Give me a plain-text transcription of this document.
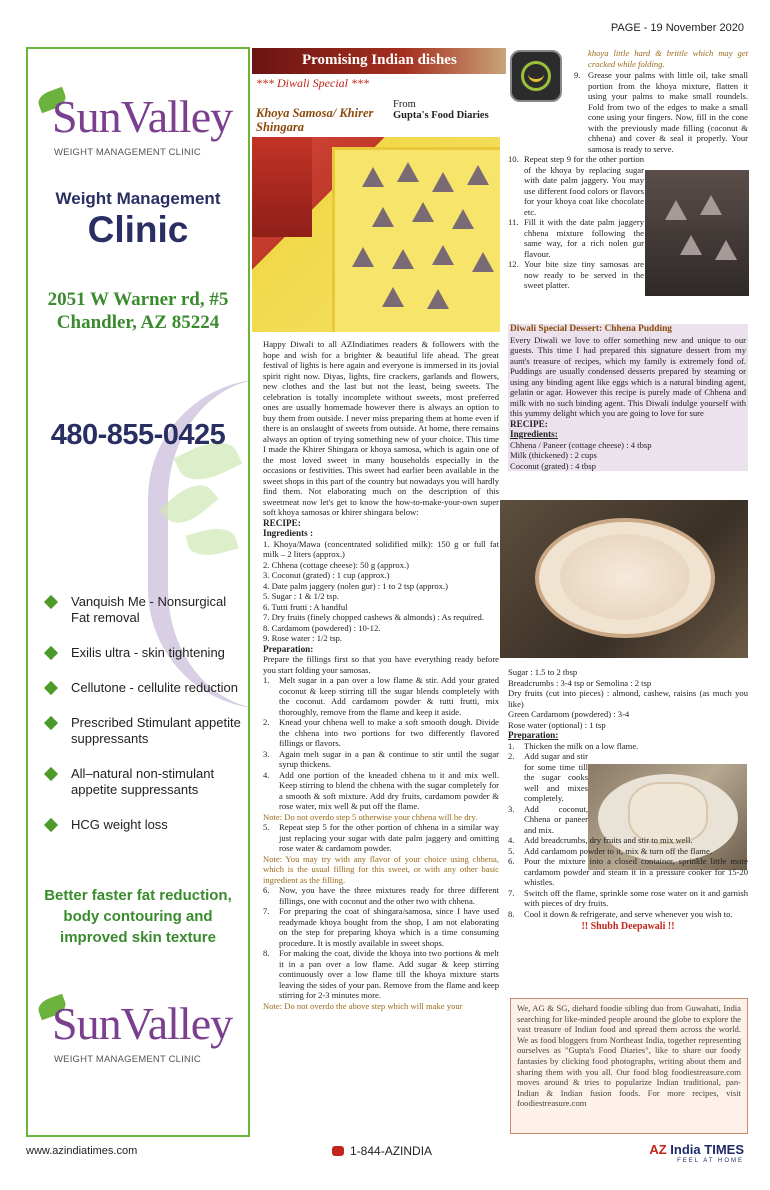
PAGE - 19 November 2020
SunValley
WEIGHT MANAGEMENT CLINIC
Weight Management
Clinic
2051 W Warner rd, #5
Chandler, AZ 85224
480-855-0425
Vanquish Me - Nonsurgical Fat removal
Exilis ultra - skin tightening
Cellutone - cellulite reduction
Prescribed Stimulant appetite suppressants
All–natural non-stimulant appetite suppressants
HCG weight loss
Better faster fat reduction, body contouring and improved skin texture
SunValley
WEIGHT MANAGEMENT CLINIC
Promising Indian dishes
*** Diwali Special ***
Khoya Samosa/ Khirer Shingara
From
Gupta's Food Diaries

khoya little hard & brittle which may get cracked while folding.

9. Grease your palms with little oil, take small portion from the khoya mixture, flatten it using your palms to make small roundels. Fold from two of the edges to make a small cone using your fingers. Now, fill in the cone with the previously made filling (coconut & chhena) and cover & seal it properly. Your samosa is ready to serve.
10. Repeat step 9 for the other portion of the khoya by replacing sugar with date palm jaggery. You may use different food colors or flavors for your khoya coat like chocolate etc.
11. Fill it with the date palm jaggery chhena mixture following the same way, for a rich nolen gur flavour.
12. Your bite size tiny samosas are now ready to be served in the sweet platter.

Happy Diwali to all AZIndiatimes readers & followers with the hope and wish for a brighter & beautiful life ahead. The great festival of lights is here again and everyone is immersed in its jovial spirit right now. Diyas, lights, fire crackers, garlands and flowers, new clothes and the last but not the least, being sweets. The celebration is totally incomplete without sweets, most preferred ones are usually homemade however there is always an option to buy them from outside. I never miss preparing them at home even if there is an onslaught of sweets from outside. At home, there remains always an option of trying something new of your choice. This time I made the Khirer Shingara or khoya samosa, which is again one of the most loved sweet in many households especially in the occasions or festivities. This sweet had earlier been available in the sweet shops in this part of the country but nowadays you will hardly find them. Not elaborating much on the description of this sweetmeat now let's get to know the how-to-make-your-own super soft khoya samosas or khirer shingara below:

RECIPE:
Ingredients :
1. Khoya/Mawa (concentrated solidified milk): 150 g or full fat milk – 2 liters (approx.)
2. Chhena (cottage cheese): 50 g (approx.)
3. Coconut (grated) : 1 cup (approx.)
4. Date palm jaggery (nolen gur) : 1 to 2 tsp (approx.)
5. Sugar : 1 & 1/2 tsp.
6. Tutti frutti : A handful
7. Dry fruits (finely chopped cashews & almonds) : As required.
8. Cardamom (powdered) : 10-12.
9. Rose water : 1/2 tsp.
Preparation:

Prepare the fillings first so that you have everything ready before you start folding your samosas.

1. Melt sugar in a pan over a low flame & stir. Add your grated coconut & keep stirring till the sugar blends completely with the coconut. Add cardamom powder & tutti frutti, mix thoroughly, remove from the flame and keep it aside.
2. Knead your chhena well to make a soft smooth dough. Divide the chhena into two portions for two differently flavored fillings or flavors.
3. Again melt sugar in a pan & continue to stir until the sugar syrup thickens.
4. Add one portion of the kneaded chhena to it and mix well. Keep stirring to blend the chhena with the sugar completely for a smooth & soft mixture. Add dry fruits, cardamom powder & rose water, mix well & put off the flame.

Note: Do not overdo step 5 otherwise your chhena will be dry.

5. Repeat step 5 for the other portion of chhena in a similar way just replacing your sugar with date palm jaggery and omitting rose water & cardamom powder.

Note: You may try with any flavor of your choice using chhena, which is the usual filling for this sweet, or with any other basic ingredient as the filling.

6. Now, you have the three mixtures ready for three different fillings, one with coconut and the other two with chhena.
7. For preparing the coat of shingara/samosa, since I have used readymade khoya bought from the shop, I am not elaborating on the step for preparing khoya which is a time consuming procedure. It is mostly available in sweet shops.
8. For making the coat, divide the khoya into two portions & melt it in a pan over a low flame. Add sugar & keep stirring continuously over a low flame till the khoya mixture starts leaving the sides of your pan. Remove from the flame and keep stirring for 2-3 minutes more.

Note: Do not overdo the above step which will make your

Diwali Special Dessert: Chhena Pudding

Every Diwali we love to offer something new and unique to our guests. This time I had prepared this signature dessert from my aunt's treasure of recipes, which my family is extremely fond of. Puddings are usually condensed desserts prepared by steaming or using any binding agent like eggs which is a natural binding agent, gelatin or agar. However this recipe is purely made of Chhena and milk with no such binding agent. This Diwali indulge yourself with this yummy delight which you are going to love for sure

RECIPE:
Ingredients:
Chhena / Paneer (cottage cheese) : 4 tbsp
Milk (thickened) : 2 cups
Coconut (grated) : 4 tbsp
Sugar : 1.5 to 2 tbsp
Breadcrumbs : 3-4 tsp or Semolina : 2 tsp
Dry fruits (cut into pieces) : almond, cashew, raisins (as much you like)
Green Cardamom (powdered) : 3-4
Rose water (optional) : 1 tsp
Preparation:
1. Thicken the milk on a low flame.
2. Add sugar and stir for some time till the sugar cooks well and mixes completely.
3. Add coconut, Chhena or paneer and mix.
4. Add breadcrumbs, dry fruits and stir to mix well.
5. Add cardamom powder to it, mix & turn off the flame.
6. Pour the mixture into a closed container, sprinkle little more cardamom powder and steam it in a pressure cooker for 15-20 whistles.
7. Switch off the flame, sprinkle some rose water on it and garnish with pieces of dry fruits.
8. Cool it down & refrigerate, and serve whenever you wish to.
!! Shubh Deepawali !!
We, AG & SG, diehard foodie sibling duo from Guwahati, India searching for like-minded people around the globe to explore the vast treasure of Indian food and spread them across the world. We as food bloggers from Northeast India, together representing ourselves as "Gupta's Food Diaries", like to share our foody fantasies by clicking food photographs, writing about them and sharing them with you all. Our food blog foodiestreasure.com moves around & tries to popularize Indian traditional, pan-Indian & Indian fusion foods. For more recipes, visit foodiestreasure.com
www.azindiatimes.com	1-844-AZINDIA	AZ India TIMES
FEEL AT HOME
